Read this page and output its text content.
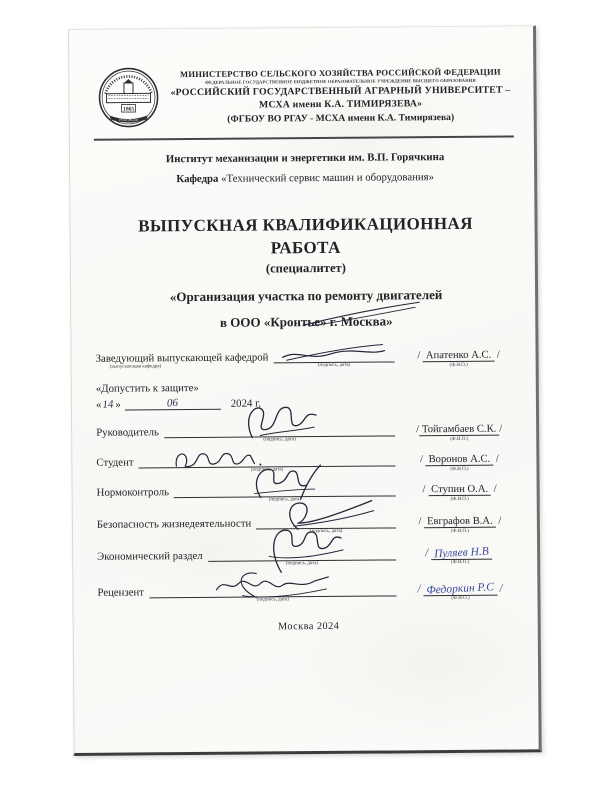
1865
РГАУ-МСХА
МИНИСТЕРСТВО СЕЛЬСКОГО ХОЗЯЙСТВА РОССИЙСКОЙ ФЕДЕРАЦИИ
ФЕДЕРАЛЬНОЕ ГОСУДАРСТВЕННОЕ БЮДЖЕТНОЕ ОБРАЗОВАТЕЛЬНОЕ УЧРЕЖДЕНИЕ ВЫСШЕГО ОБРАЗОВАНИЯ
«РОССИЙСКИЙ ГОСУДАРСТВЕННЫЙ АГРАРНЫЙ УНИВЕРСИТЕТ –
МСХА имени К.А. ТИМИРЯЗЕВА»
(ФГБОУ ВО РГАУ - МСХА имени К.А. Тимирязева)
Институт механизации и энергетики им. В.П. Горячкина
Кафедра «Технический сервис машин и оборудования»
ВЫПУСКНАЯ КВАЛИФИКАЦИОННАЯ
РАБОТА
(специалитет)
«Организация участка по ремонту двигателей
в ООО «Кронтье» г. Москва»
Заведующий выпускающей кафедрой
(выпускающая кафедра)	(подпись, дата)
/ Апатенко А.С. /
(Ф.И.О.)
«Допустить к защите»
« 14 »	06	2024 г.
Руководитель
(подпись, дата)
/ Тойгамбаев С.К. /
(Ф.И.О.)
Студент
(подпись, дата)
/ Воронов А.С. /
(Ф.И.О.)
Нормоконтроль
(подпись, дата)
/ Ступин О.А. /
(Ф.И.О.)
Безопасность жизнедеятельности
(подпись, дата)
/ Евграфов В.А. /
(Ф.И.О.)
Экономический раздел
(подпись, дата)
/ Пуляев Н.В
(Ф.И.О.)
Рецензент
(подпись, дата)
/ Федоркин Р.С /
(Ф.И.О.)
Москва 2024
